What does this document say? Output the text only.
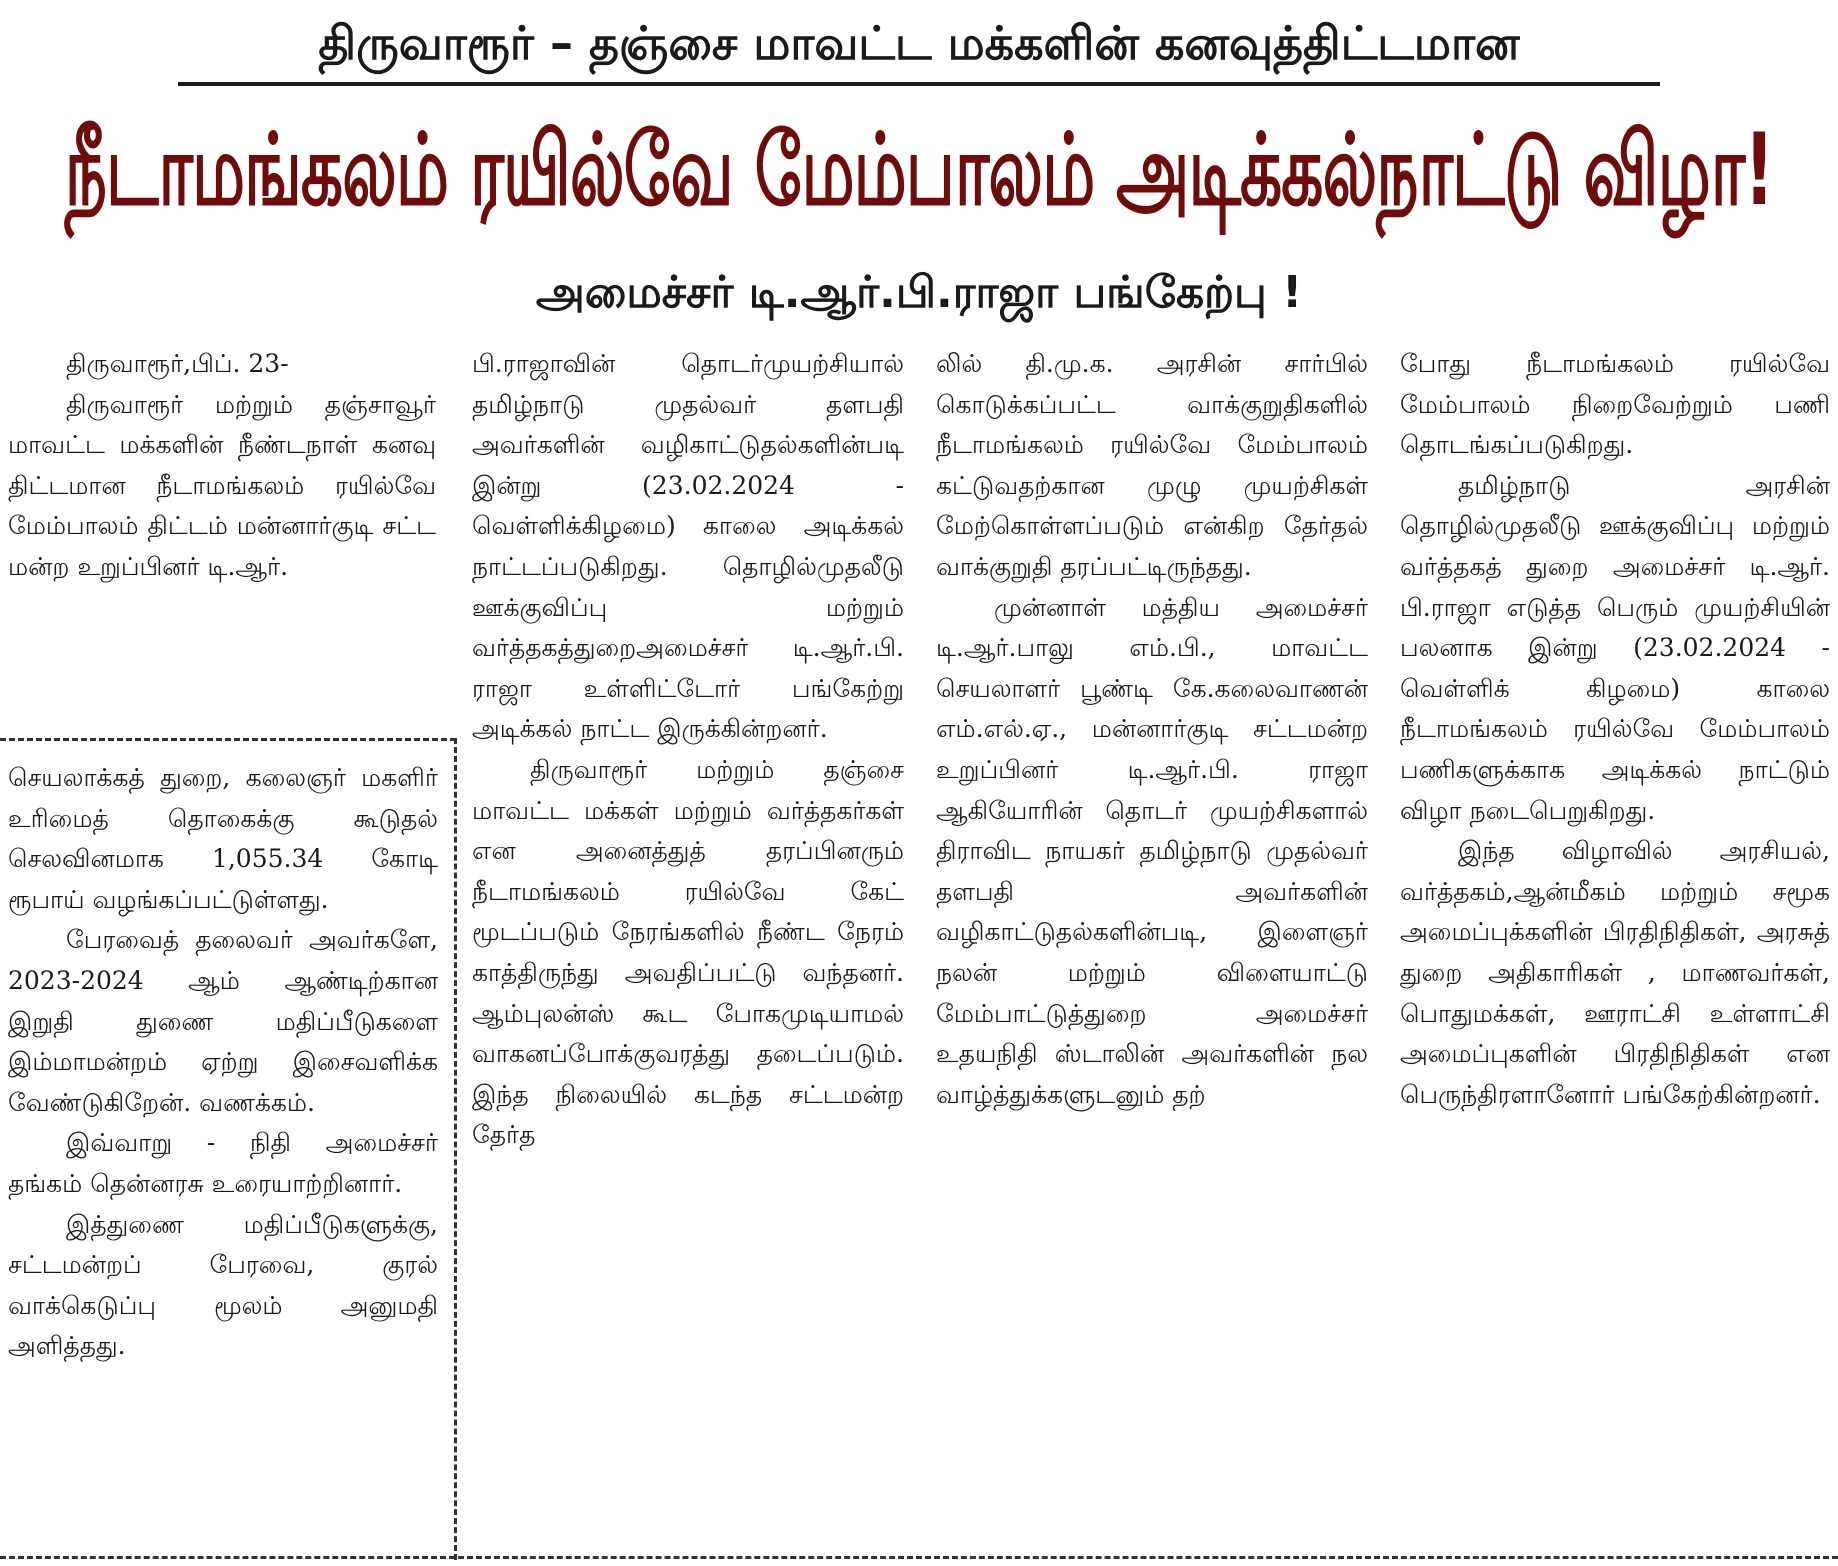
திருவாரூர் – தஞ்சை மாவட்ட மக்களின் கனவுத்திட்டமான
நீடாமங்கலம் ரயில்வே மேம்பாலம் அடிக்கல்நாட்டு விழா!
அமைச்சர் டி.ஆர்.பி.ராஜா பங்கேற்பு !

திருவாரூர்,பிப். 23-

திருவாரூர் மற்றும் தஞ்சாவூர் மாவட்ட மக்களின் நீண்டநாள் கனவு திட்டமான நீடாமங்கலம் ரயில்வே மேம்பாலம் திட்டம் மன்னார்குடி சட்ட மன்ற உறுப்பினர் டி.ஆர்.

செயலாக்கத் துறை, கலைஞர் மகளிர் உரிமைத் தொகைக்கு கூடுதல் செலவினமாக 1,055.34 கோடி ரூபாய் வழங்கப்பட்டுள்ளது.

பேரவைத் தலைவர் அவர்களே, 2023-2024 ஆம் ஆண்டிற்கான இறுதி துணை மதிப்பீடுகளை இம்மாமன்றம் ஏற்று இசைவளிக்க வேண்டுகிறேன். வணக்கம்.

இவ்வாறு - நிதி அமைச்சர் தங்கம் தென்னரசு உரையாற்றினார்.

இத்துணை மதிப்பீடுகளுக்கு, சட்டமன்றப் பேரவை, குரல் வாக்கெடுப்பு மூலம் அனுமதி அளித்தது.

பி.ராஜாவின் தொடர்முயற்சியால் தமிழ்நாடு முதல்வர் தளபதி அவர்களின் வழிகாட்டுதல்களின்படி இன்று (23.02.2024 - வெள்ளிக்கிழமை) காலை அடிக்கல் நாட்டப்படுகிறது. தொழில்முதலீடு ஊக்குவிப்பு மற்றும் வர்த்தகத்துறைஅமைச்சர் டி.ஆர்.பி. ராஜா உள்ளிட்டோர் பங்கேற்று அடிக்கல் நாட்ட இருக்கின்றனர்.

திருவாரூர் மற்றும் தஞ்சை மாவட்ட மக்கள் மற்றும் வர்த்தகர்கள் என அனைத்துத் தரப்பினரும் நீடாமங்கலம் ரயில்வே கேட் மூடப்படும் நேரங்களில் நீண்ட நேரம் காத்திருந்து அவதிப்பட்டு வந்தனர். ஆம்புலன்ஸ் கூட போகமுடியாமல் வாகனப்போக்குவரத்து தடைப்படும். இந்த நிலையில் கடந்த சட்டமன்ற தேர்த

லில் தி.மு.க. அரசின் சார்பில் கொடுக்கப்பட்ட வாக்குறுதிகளில் நீடாமங்கலம் ரயில்வே மேம்பாலம் கட்டுவதற்கான முழு முயற்சிகள் மேற்கொள்ளப்படும் என்கிற தேர்தல் வாக்குறுதி தரப்பட்டிருந்தது.

முன்னாள் மத்திய அமைச்சர் டி.ஆர்.பாலு எம்.பி., மாவட்ட செயலாளர் பூண்டி கே.கலைவாணன் எம்.எல்.ஏ., மன்னார்குடி சட்டமன்ற உறுப்பினர் டி.ஆர்.பி. ராஜா ஆகியோரின் தொடர் முயற்சிகளால் திராவிட நாயகர் தமிழ்நாடு முதல்வர் தளபதி அவர்களின் வழிகாட்டுதல்களின்படி, இளைஞர் நலன் மற்றும் விளையாட்டு மேம்பாட்டுத்துறை அமைச்சர் உதயநிதி ஸ்டாலின் அவர்களின் நல வாழ்த்துக்களுடனும் தற்

போது நீடாமங்கலம் ரயில்வே மேம்பாலம் நிறைவேற்றும் பணி தொடங்கப்படுகிறது.

தமிழ்நாடு அரசின் தொழில்முதலீடு ஊக்குவிப்பு மற்றும் வர்த்தகத் துறை அமைச்சர் டி.ஆர். பி.ராஜா எடுத்த பெரும் முயற்சியின் பலனாக இன்று (23.02.2024 - வெள்ளிக் கிழமை) காலை நீடாமங்கலம் ரயில்வே மேம்பாலம் பணிகளுக்காக அடிக்கல் நாட்டும் விழா நடைபெறுகிறது.

இந்த விழாவில் அரசியல், வர்த்தகம்,ஆன்மீகம் மற்றும் சமூக அமைப்புக்களின் பிரதிநிதிகள், அரசுத் துறை அதிகாரிகள் , மாணவர்கள், பொதுமக்கள், ஊராட்சி உள்ளாட்சி அமைப்புகளின் பிரதிநிதிகள் என பெருந்திரளானோர் பங்கேற்கின்றனர்.
